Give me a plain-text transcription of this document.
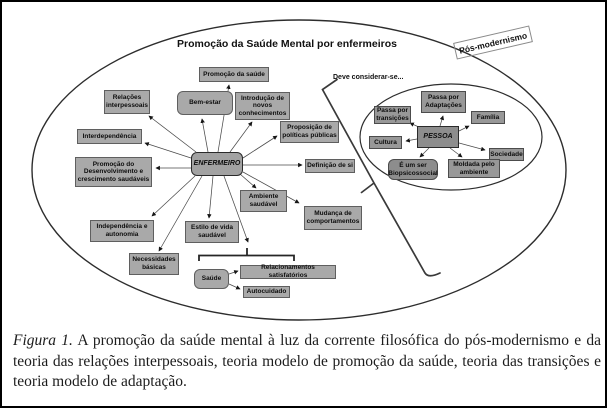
Promoção da Saúde Mental por enfermeiros
Deve considerar-se...
Pós-modernismo
ENFERMEIRO
Promoção da saúde
Bem-estar
Relações interpessoais
Interdependência
Promoção do Desenvolvimento e crescimento saudáveis
Independência e autonomia
Necessidades básicas
Introdução de novos conhecimentos
Proposição de políticas públicas
Definição de si
Ambiente saudável
Mudança de comportamentos
Estilo de vida saudável
Saúde
Relacionamentos satisfatórios
Autocuidado
PESSOA
Passa por transições
Passa por Adaptações
Família
Cultura
Sociedade
É um ser Biopsicossocial
Moldada pelo ambiente

Figura 1. A promoção da saúde mental à luz da corrente filosófica do pós-modernismo e da teoria das relações interpessoais, teoria modelo de promoção da saúde, teoria das transições e teoria modelo de adaptação.
